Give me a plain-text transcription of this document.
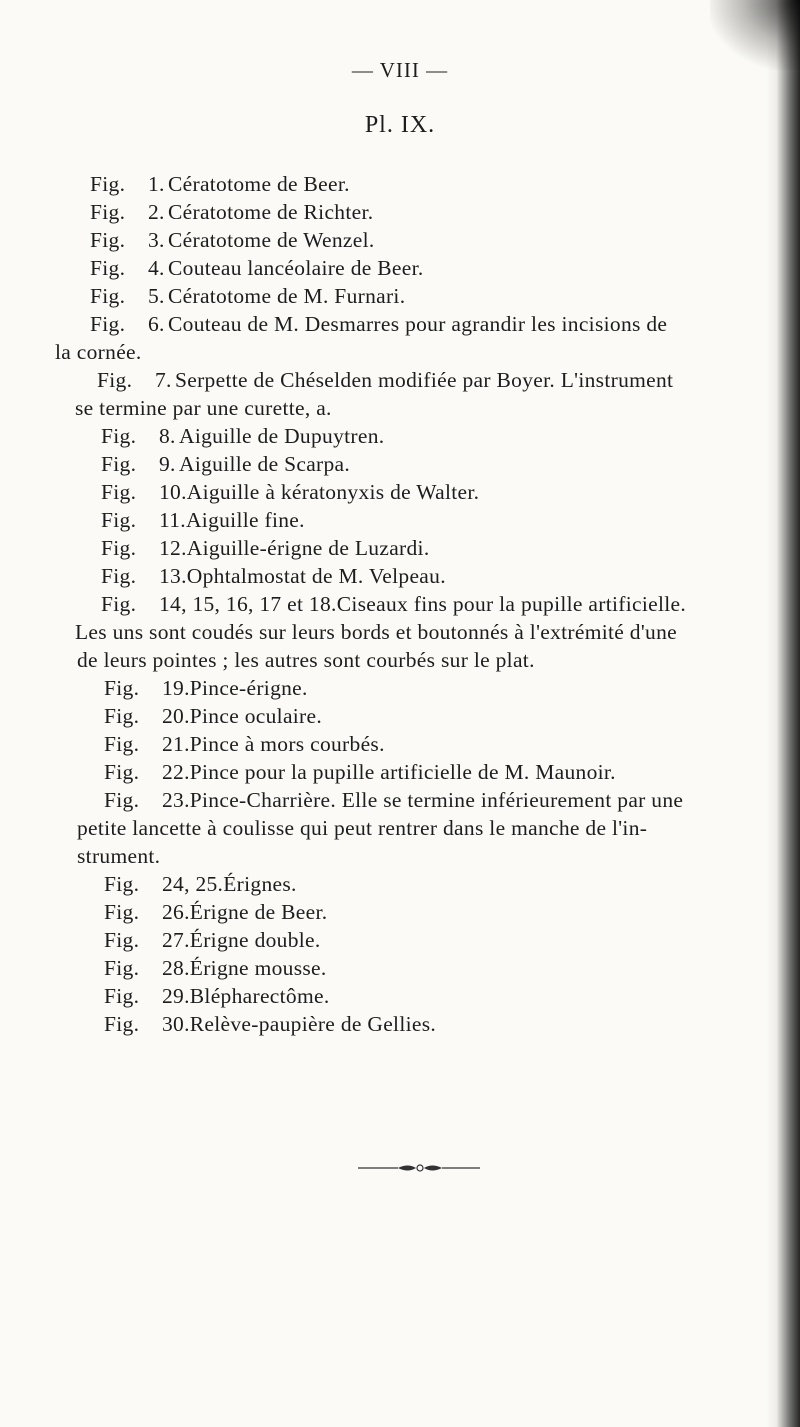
— VIII —
Pl. IX.
Fig. 1.Cératotome de Beer.
Fig. 2.Cératotome de Richter.
Fig. 3.Cératotome de Wenzel.
Fig. 4.Couteau lancéolaire de Beer.
Fig. 5.Cératotome de M. Furnari.
Fig. 6.Couteau de M. Desmarres pour agrandir les incisions de
la cornée.
Fig. 7.Serpette de Chéselden modifiée par Boyer. L'instrument
se termine par une curette, a.
Fig. 8.Aiguille de Dupuytren.
Fig. 9.Aiguille de Scarpa.
Fig. 10.Aiguille à kératonyxis de Walter.
Fig. 11.Aiguille fine.
Fig. 12.Aiguille-érigne de Luzardi.
Fig. 13.Ophtalmostat de M. Velpeau.
Fig. 14, 15, 16, 17 et 18.Ciseaux fins pour la pupille artificielle.
Les uns sont coudés sur leurs bords et boutonnés à l'extrémité d'une
de leurs pointes ; les autres sont courbés sur le plat.
Fig. 19.Pince-érigne.
Fig. 20.Pince oculaire.
Fig. 21.Pince à mors courbés.
Fig. 22.Pince pour la pupille artificielle de M. Maunoir.
Fig. 23.Pince-Charrière. Elle se termine inférieurement par une
petite lancette à coulisse qui peut rentrer dans le manche de l'in-
strument.
Fig. 24, 25.Érignes.
Fig. 26.Érigne de Beer.
Fig. 27.Érigne double.
Fig. 28.Érigne mousse.
Fig. 29.Blépharectôme.
Fig. 30.Relève-paupière de Gellies.
